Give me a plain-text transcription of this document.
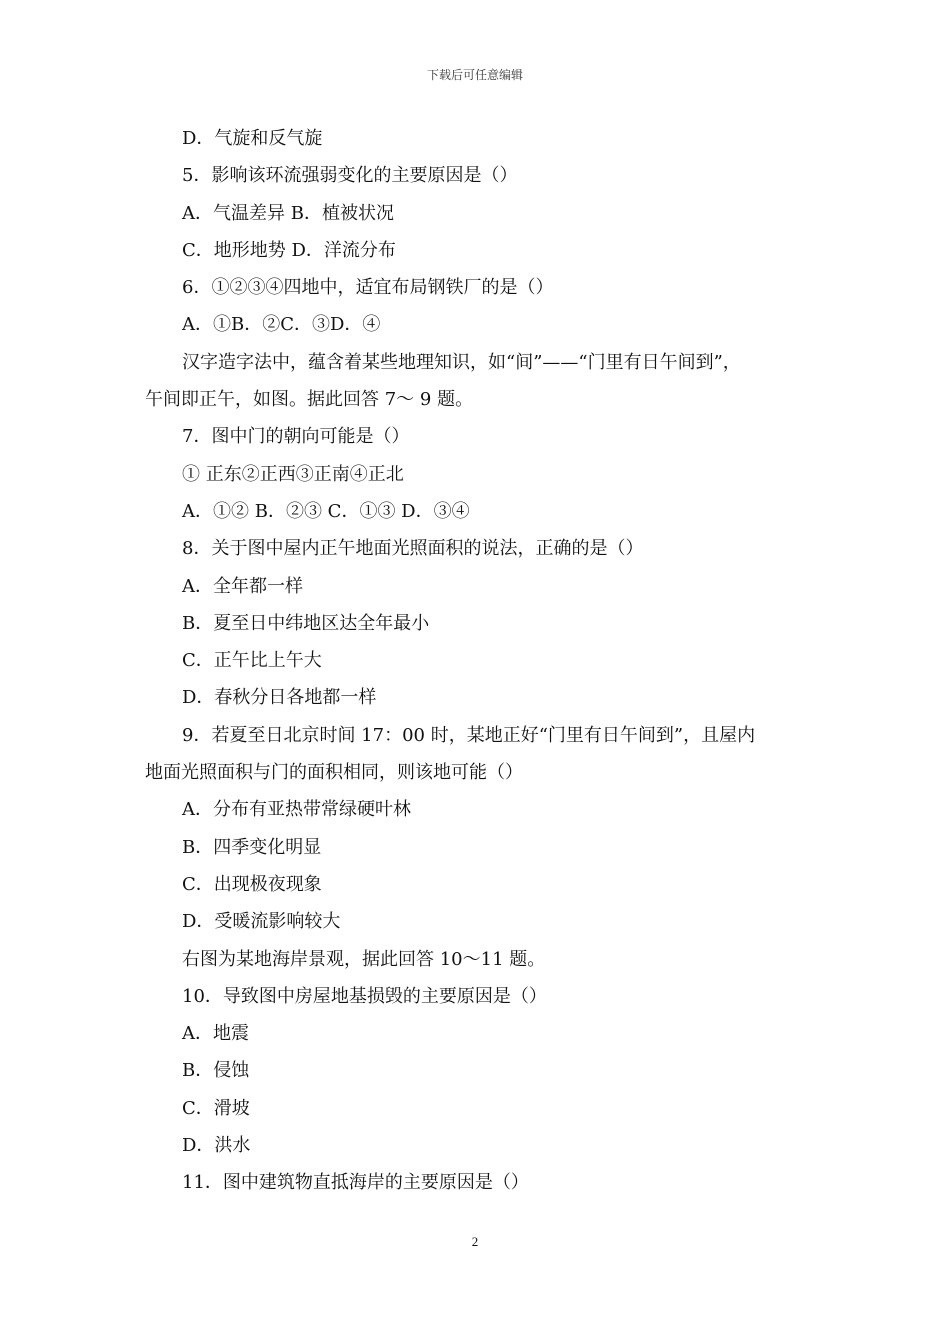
下载后可任意编辑
D．气旋和反气旋
5．影响该环流强弱变化的主要原因是（）
A．气温差异 B．植被状况
C．地形地势 D．洋流分布
6．①②③④四地中，适宜布局钢铁厂的是（）
A．①B．②C．③D．④
汉字造字法中，蕴含着某些地理知识，如“间”——“门里有日午间到”，
午间即正午，如图。据此回答 7～ 9 题。
7．图中门的朝向可能是（）
① 正东②正西③正南④正北
A．①② B．②③ C．①③ D．③④
8．关于图中屋内正午地面光照面积的说法，正确的是（）
A．全年都一样
B．夏至日中纬地区达全年最小
C．正午比上午大
D．春秋分日各地都一样
9．若夏至日北京时间 17：00 时，某地正好“门里有日午间到”，且屋内
地面光照面积与门的面积相同，则该地可能（）
A．分布有亚热带常绿硬叶林
B．四季变化明显
C．出现极夜现象
D．受暖流影响较大
右图为某地海岸景观，据此回答 10～11 题。
10．导致图中房屋地基损毁的主要原因是（）
A．地震
B．侵蚀
C．滑坡
D．洪水
11．图中建筑物直抵海岸的主要原因是（）
2
